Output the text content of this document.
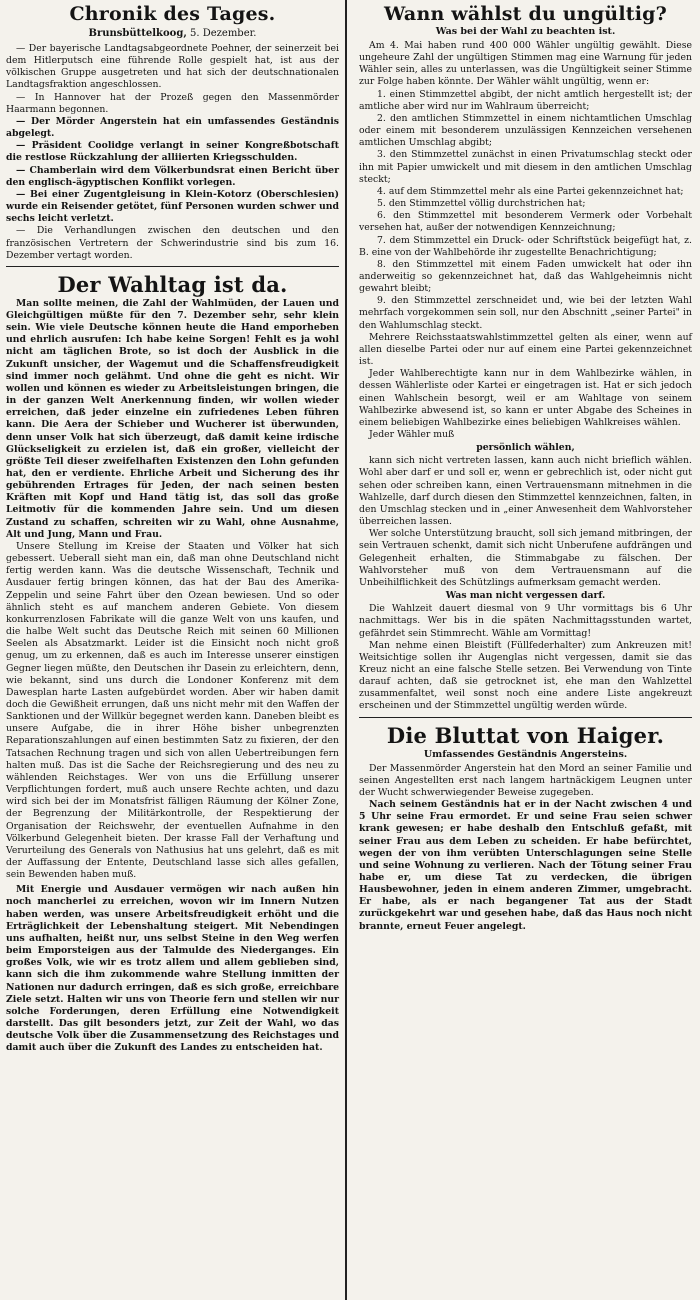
Chronik des Tages.
Brunsbüttelkoog, 5. Dezember.

— Der bayerische Landtagsabgeordnete Poehner, der seinerzeit bei dem Hitlerputsch eine führende Rolle gespielt hat, ist aus der völkischen Gruppe ausgetreten und hat sich der deutschnationalen Landtagsfraktion angeschlossen.

— In Hannover hat der Prozeß gegen den Massenmörder Haarmann begonnen.

— Der Mörder Angerstein hat ein umfassendes Geständnis abgelegt.

— Präsident Coolidge verlangt in seiner Kongreßbotschaft die restlose Rückzahlung der alliierten Kriegsschulden.

— Chamberlain wird dem Völkerbundsrat einen Bericht über den englisch-ägyptischen Konflikt vorlegen.

— Bei einer Zugentgleisung in Klein-Kotorz (Oberschlesien) wurde ein Reisender getötet, fünf Personen wurden schwer und sechs leicht verletzt.

— Die Verhandlungen zwischen den deutschen und den französischen Vertretern der Schwerindustrie sind bis zum 16. Dezember vertagt worden.

Der Wahltag ist da.

Man sollte meinen, die Zahl der Wahlmüden, der Lauen und Gleichgültigen müßte für den 7. Dezember sehr, sehr klein sein. Wie viele Deutsche können heute die Hand emporheben und ehrlich ausrufen: Ich habe keine Sorgen! Fehlt es ja wohl nicht am täglichen Brote, so ist doch der Ausblick in die Zukunft unsicher, der Wagemut und die Schaffensfreudigkeit sind immer noch gelähmt. Und ohne die geht es nicht. Wir wollen und können es wieder zu Arbeitsleistungen bringen, die in der ganzen Welt Anerkennung finden, wir wollen wieder erreichen, daß jeder einzelne ein zufriedenes Leben führen kann. Die Aera der Schieber und Wucherer ist überwunden, denn unser Volk hat sich überzeugt, daß damit keine irdische Glückseligkeit zu erzielen ist, daß ein großer, vielleicht der größte Teil dieser zweifelhaften Existenzen den Lohn gefunden hat, den er verdiente. Ehrliche Arbeit und Sicherung des ihr gebührenden Ertrages für Jeden, der nach seinen besten Kräften mit Kopf und Hand tätig ist, das soll das große Leitmotiv für die kommenden Jahre sein. Und um diesen Zustand zu schaffen, schreiten wir zu Wahl, ohne Ausnahme, Alt und Jung, Mann und Frau.

Unsere Stellung im Kreise der Staaten und Völker hat sich gebessert. Ueberall sieht man ein, daß man ohne Deutschland nicht fertig werden kann. Was die deutsche Wissenschaft, Technik und Ausdauer fertig bringen können, das hat der Bau des Amerika-Zeppelin und seine Fahrt über den Ozean bewiesen. Und so oder ähnlich steht es auf manchem anderen Gebiete. Von diesem konkurrenzlosen Fabrikate will die ganze Welt von uns kaufen, und die halbe Welt sucht das Deutsche Reich mit seinen 60 Millionen Seelen als Absatzmarkt. Leider ist die Einsicht noch nicht groß genug, um zu erkennen, daß es auch im Interesse unserer einstigen Gegner liegen müßte, den Deutschen ihr Dasein zu erleichtern, denn, wie bekannt, sind uns durch die Londoner Konferenz mit dem Dawesplan harte Lasten aufgebürdet worden. Aber wir haben damit doch die Gewißheit errungen, daß uns nicht mehr mit den Waffen der Sanktionen und der Willkür begegnet werden kann. Daneben bleibt es unsere Aufgabe, die in ihrer Höhe bisher unbegrenzten Reparationszahlungen auf einen bestimmten Satz zu fixieren, der den Tatsachen Rechnung tragen und sich von allen Uebertreibungen fern halten muß. Das ist die Sache der Reichsregierung und des neu zu wählenden Reichstages. Wer von uns die Erfüllung unserer Verpflichtungen fordert, muß auch unsere Rechte achten, und dazu wird sich bei der im Monatsfrist fälligen Räumung der Kölner Zone, der Begrenzung der Militärkontrolle, der Respektierung der Organisation der Reichswehr, der eventuellen Aufnahme in den Völkerbund Gelegenheit bieten. Der krasse Fall der Verhaftung und Verurteilung des Generals von Nathusius hat uns gelehrt, daß es mit der Auffassung der Entente, Deutschland lasse sich alles gefallen, sein Bewenden haben muß.

Mit Energie und Ausdauer vermögen wir nach außen hin noch mancherlei zu erreichen, wovon wir im Innern Nutzen haben werden, was unsere Arbeitsfreudigkeit erhöht und die Erträglichkeit der Lebenshaltung steigert. Mit Nebendingen uns aufhalten, heißt nur, uns selbst Steine in den Weg werfen beim Emporsteigen aus der Talmulde des Niederganges. Ein großes Volk, wie wir es trotz allem und allem geblieben sind, kann sich die ihm zukommende wahre Stellung inmitten der Nationen nur dadurch erringen, daß es sich große, erreichbare Ziele setzt. Halten wir uns von Theorie fern und stellen wir nur solche Forderungen, deren Erfüllung eine Notwendigkeit darstellt. Das gilt besonders jetzt, zur Zeit der Wahl, wo das deutsche Volk über die Zusammensetzung des Reichstages und damit auch über die Zukunft des Landes zu entscheiden hat.

Wann wählst du ungültig?
Was bei der Wahl zu beachten ist.

Am 4. Mai haben rund 400 000 Wähler ungültig gewählt. Diese ungeheure Zahl der ungültigen Stimmen mag eine Warnung für jeden Wähler sein, alles zu unterlassen, was die Ungültigkeit seiner Stimme zur Folge haben könnte. Der Wähler wählt ungültig, wenn er:

1. einen Stimmzettel abgibt, der nicht amtlich hergestellt ist; der amtliche aber wird nur im Wahlraum überreicht;

2. den amtlichen Stimmzettel in einem nichtamtlichen Umschlag oder einem mit besonderem unzulässigen Kennzeichen versehenen amtlichen Umschlag abgibt;

3. den Stimmzettel zunächst in einen Privatumschlag steckt oder ihn mit Papier umwickelt und mit diesem in den amtlichen Umschlag steckt;

4. auf dem Stimmzettel mehr als eine Partei gekennzeichnet hat;

5. den Stimmzettel völlig durchstrichen hat;

6. den Stimmzettel mit besonderem Vermerk oder Vorbehalt versehen hat, außer der notwendigen Kennzeichnung;

7. dem Stimmzettel ein Druck- oder Schriftstück beigefügt hat, z. B. eine von der Wahlbehörde ihr zugestellte Benachrichtigung;

8. den Stimmzettel mit einem Faden umwickelt hat oder ihn anderweitig so gekennzeichnet hat, daß das Wahlgeheimnis nicht gewahrt bleibt;

9. den Stimmzettel zerschneidet und, wie bei der letzten Wahl mehrfach vorgekommen sein soll, nur den Abschnitt „seiner Partei" in den Wahlumschlag steckt.

Mehrere Reichsstaatswahlstimmzettel gelten als einer, wenn auf allen dieselbe Partei oder nur auf einem eine Partei gekennzeichnet ist.

Jeder Wahlberechtigte kann nur in dem Wahlbezirke wählen, in dessen Wählerliste oder Kartei er eingetragen ist. Hat er sich jedoch einen Wahlschein besorgt, weil er am Wahltage von seinem Wahlbezirke abwesend ist, so kann er unter Abgabe des Scheines in einem beliebigen Wahlbezirke eines beliebigen Wahlkreises wählen.

Jeder Wähler muß

persönlich wählen,

kann sich nicht vertreten lassen, kann auch nicht brieflich wählen. Wohl aber darf er und soll er, wenn er gebrechlich ist, oder nicht gut sehen oder schreiben kann, einen Vertrauensmann mitnehmen in die Wahlzelle, darf durch diesen den Stimmzettel kennzeichnen, falten, in den Umschlag stecken und in „einer Anwesenheit dem Wahlvorsteher überreichen lassen.

Wer solche Unterstützung braucht, soll sich jemand mitbringen, der sein Vertrauen schenkt, damit sich nicht Unberufene aufdrängen und Gelegenheit erhalten, die Stimmabgabe zu fälschen. Der Wahlvorsteher muß von dem Vertrauensmann auf die Unbeihilflichkeit des Schützlings aufmerksam gemacht werden.

Was man nicht vergessen darf.

Die Wahlzeit dauert diesmal von 9 Uhr vormittags bis 6 Uhr nachmittags. Wer bis in die späten Nachmittagsstunden wartet, gefährdet sein Stimmrecht. Wähle am Vormittag!

Man nehme einen Bleistift (Füllfederhalter) zum Ankreuzen mit! Weitsichtige sollen ihr Augenglas nicht vergessen, damit sie das Kreuz nicht an eine falsche Stelle setzen. Bei Verwendung von Tinte darauf achten, daß sie getrocknet ist, ehe man den Wahlzettel zusammenfaltet, weil sonst noch eine andere Liste angekreuzt erscheinen und der Stimmzettel ungültig werden würde.

Die Bluttat von Haiger.
Umfassendes Geständnis Angersteins.

Der Massenmörder Angerstein hat den Mord an seiner Familie und seinen Angestellten erst nach langem hartnäckigem Leugnen unter der Wucht schwerwiegender Beweise zugegeben.

Nach seinem Geständnis hat er in der Nacht zwischen 4 und 5 Uhr seine Frau ermordet. Er und seine Frau seien schwer krank gewesen; er habe deshalb den Entschluß gefaßt, mit seiner Frau aus dem Leben zu scheiden. Er habe befürchtet, wegen der von ihm verübten Unterschlagungen seine Stelle und seine Wohnung zu verlieren. Nach der Tötung seiner Frau habe er, um diese Tat zu verdecken, die übrigen Hausbewohner, jeden in einem anderen Zimmer, umgebracht. Er habe, als er nach begangener Tat aus der Stadt zurückgekehrt war und gesehen habe, daß das Haus noch nicht brannte, erneut Feuer angelegt.
